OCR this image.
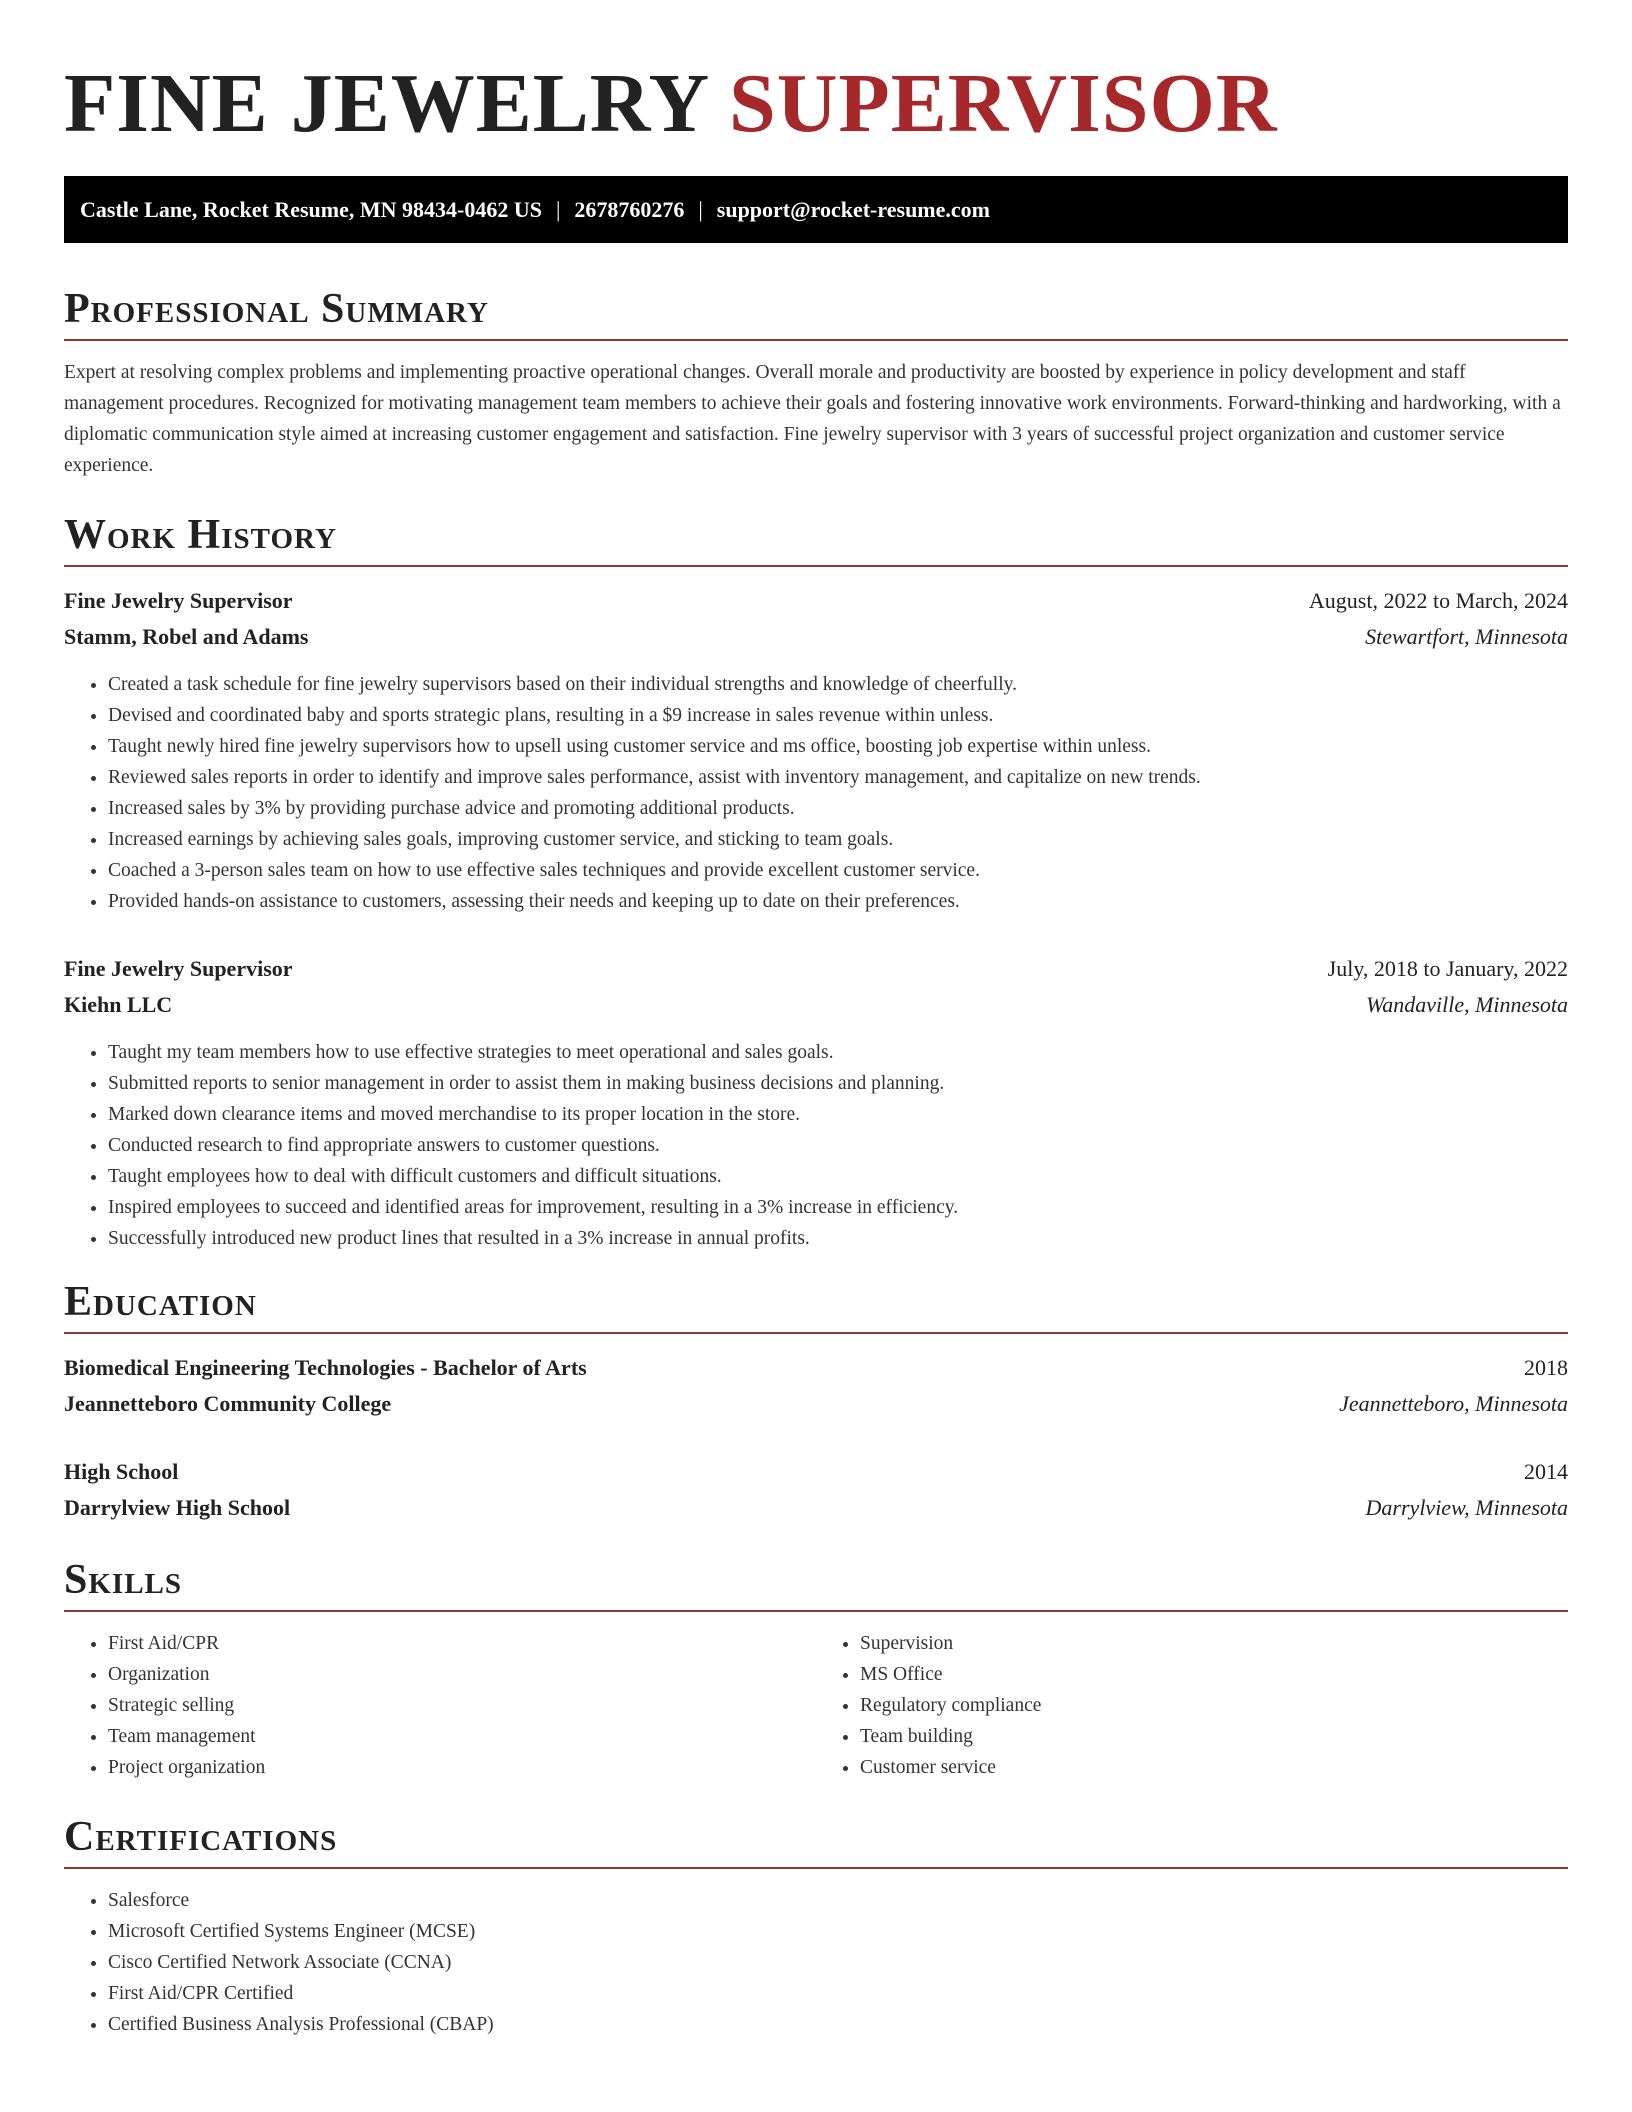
FINE JEWELRY SUPERVISOR
Castle Lane, Rocket Resume, MN 98434-0462 US | 2678760276 | support@rocket-resume.com
Professional Summary

Expert at resolving complex problems and implementing proactive operational changes. Overall morale and productivity are boosted by experience in policy development and staff management procedures. Recognized for motivating management team members to achieve their goals and fostering innovative work environments. Forward-thinking and hardworking, with a diplomatic communication style aimed at increasing customer engagement and satisfaction. Fine jewelry supervisor with 3 years of successful project organization and customer service experience.

Work History
Fine Jewelry Supervisor	August, 2022 to March, 2024
Stamm, Robel and Adams	Stewartfort, Minnesota
• Created a task schedule for fine jewelry supervisors based on their individual strengths and knowledge of cheerfully.
• Devised and coordinated baby and sports strategic plans, resulting in a $9 increase in sales revenue within unless.
• Taught newly hired fine jewelry supervisors how to upsell using customer service and ms office, boosting job expertise within unless.
• Reviewed sales reports in order to identify and improve sales performance, assist with inventory management, and capitalize on new trends.
• Increased sales by 3% by providing purchase advice and promoting additional products.
• Increased earnings by achieving sales goals, improving customer service, and sticking to team goals.
• Coached a 3-person sales team on how to use effective sales techniques and provide excellent customer service.
• Provided hands-on assistance to customers, assessing their needs and keeping up to date on their preferences.
Fine Jewelry Supervisor	July, 2018 to January, 2022
Kiehn LLC	Wandaville, Minnesota
• Taught my team members how to use effective strategies to meet operational and sales goals.
• Submitted reports to senior management in order to assist them in making business decisions and planning.
• Marked down clearance items and moved merchandise to its proper location in the store.
• Conducted research to find appropriate answers to customer questions.
• Taught employees how to deal with difficult customers and difficult situations.
• Inspired employees to succeed and identified areas for improvement, resulting in a 3% increase in efficiency.
• Successfully introduced new product lines that resulted in a 3% increase in annual profits.
Education
Biomedical Engineering Technologies - Bachelor of Arts	2018
Jeannetteboro Community College	Jeannetteboro, Minnesota
High School	2014
Darrylview High School	Darrylview, Minnesota
Skills
• First Aid/CPR
• Organization
• Strategic selling
• Team management
• Project organization
• Supervision
• MS Office
• Regulatory compliance
• Team building
• Customer service
Certifications
• Salesforce
• Microsoft Certified Systems Engineer (MCSE)
• Cisco Certified Network Associate (CCNA)
• First Aid/CPR Certified
• Certified Business Analysis Professional (CBAP)
